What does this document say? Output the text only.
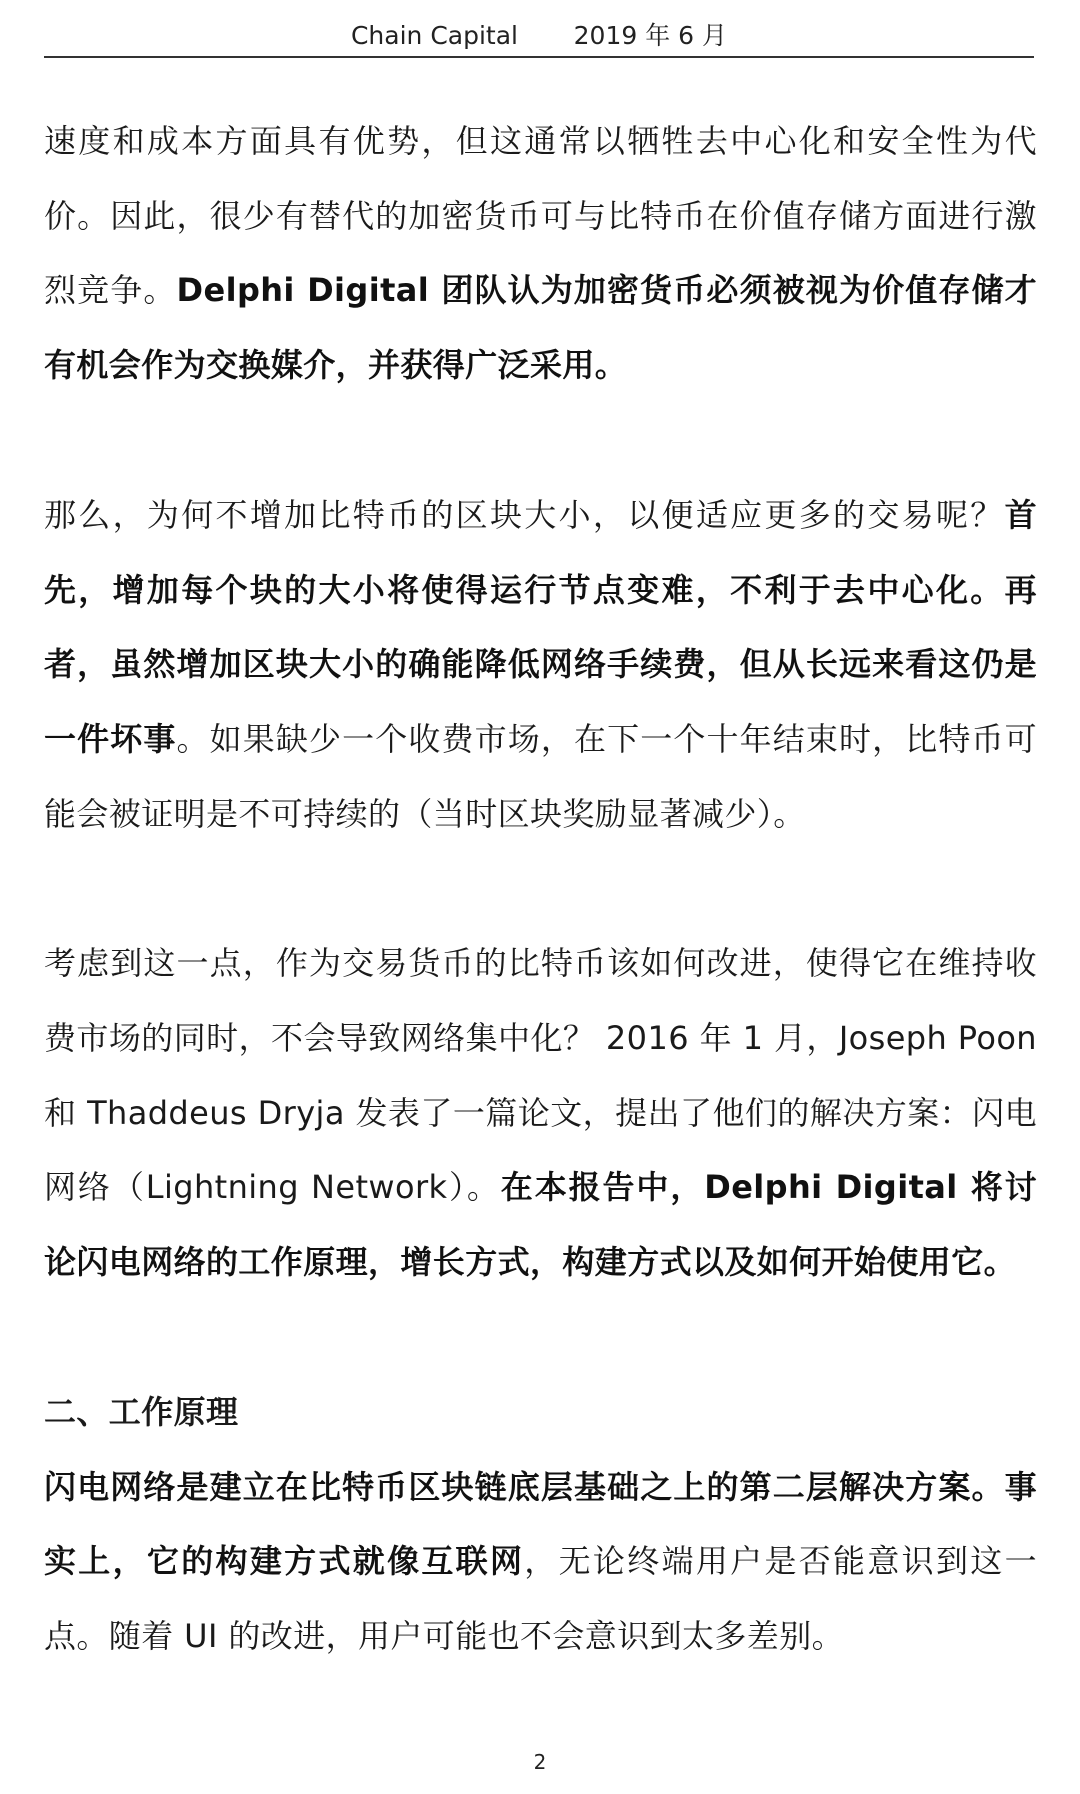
Chain Capital 2019 年 6 月

速度和成本方面具有优势，但这通常以牺牲去中心化和安全性为代价。因此，很少有替代的加密货币可与比特币在价值存储方面进行激烈竞争。Delphi Digital 团队认为加密货币必须被视为价值存储才有机会作为交换媒介，并获得广泛采用。

那么，为何不增加比特币的区块大小，以便适应更多的交易呢？首先，增加每个块的大小将使得运行节点变难，不利于去中心化。再者，虽然增加区块大小的确能降低网络手续费，但从长远来看这仍是一件坏事。如果缺少一个收费市场，在下一个十年结束时，比特币可能会被证明是不可持续的（当时区块奖励显著减少）。

考虑到这一点，作为交易货币的比特币该如何改进，使得它在维持收费市场的同时，不会导致网络集中化？ 2016 年 1 月，Joseph Poon 和 Thaddeus Dryja 发表了一篇论文，提出了他们的解决方案：闪电网络（Lightning Network）。在本报告中，Delphi Digital 将讨论闪电网络的工作原理，增长方式，构建方式以及如何开始使用它。

二、工作原理

闪电网络是建立在比特币区块链底层基础之上的第二层解决方案。事实上，它的构建方式就像互联网，无论终端用户是否能意识到这一点。随着 UI 的改进，用户可能也不会意识到太多差别。

2
